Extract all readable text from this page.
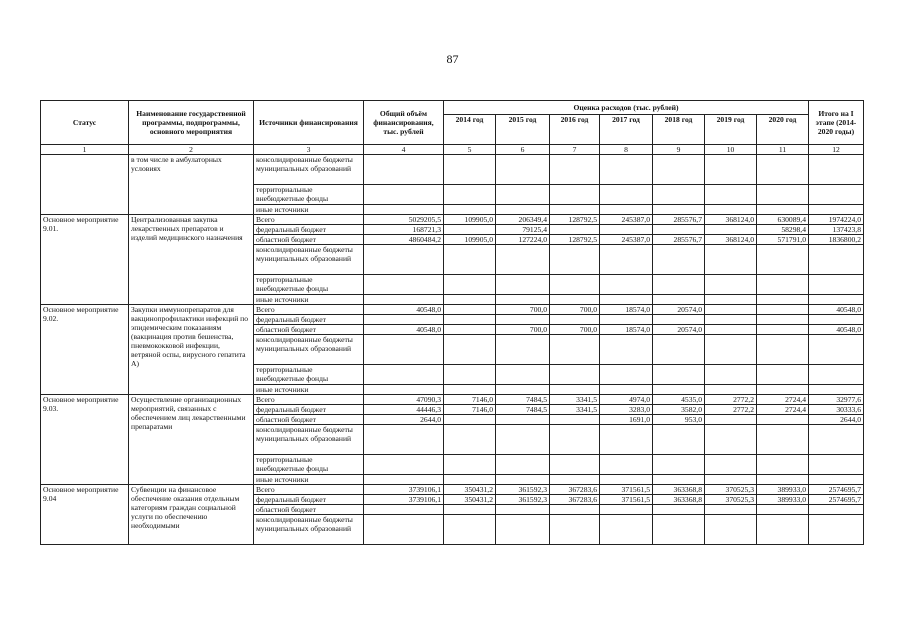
87
Статус	Наименование государственной программы, подпрограммы, основного мероприятия	Источники финансирования	Общий объём финансирования, тыс. рублей	Оценка расходов (тыс. рублей)							Итого на I этапе (2014-2020 годы)
				2014 год	2015 год	2016 год	2017 год	2018 год	2019 год	2020 год	
1	2	3	4	5	6	7	8	9	10	11	12
	в том числе в амбулаторных условиях	консолидированные бюджеты муниципальных образований									
		территориальные внебюджетные фонды									
		иные источники									
Основное мероприятие 9.01.	Централизованная закупка лекарственных препаратов и изделий медицинского назначения	Всего	5029205,5	109905,0	206349,4	128792,5	245387,0	285576,7	368124,0	630089,4	1974224,0
		федеральный бюджет	168721,3		79125,4					58298,4	137423,8
		областной бюджет	4860484,2	109905,0	127224,0	128792,5	245387,0	285576,7	368124,0	571791,0	1836800,2
		консолидированные бюджеты муниципальных образований									
		территориальные внебюджетные фонды									
		иные источники									
Основное мероприятие 9.02.	Закупки иммунопрепаратов для вакцинопрофилактики инфекций по эпидемическим показаниям (вакцинация против бешенства, пневмококковой инфекции, ветряной оспы, вирусного гепатита А)	Всего	40548,0		700,0	700,0	18574,0	20574,0			40548,0
		федеральный бюджет									
		областной бюджет	40548,0		700,0	700,0	18574,0	20574,0			40548,0
		консолидированные бюджеты муниципальных образований									
		территориальные внебюджетные фонды									
		иные источники									
Основное мероприятие 9.03.	Осуществление организационных мероприятий, связанных с обеспечением лиц лекарственными препаратами	Всего	47090,3	7146,0	7484,5	3341,5	4974,0	4535,0	2772,2	2724,4	32977,6
		федеральный бюджет	44446,3	7146,0	7484,5	3341,5	3283,0	3582,0	2772,2	2724,4	30333,6
		областной бюджет	2644,0				1691,0	953,0			2644,0
		консолидированные бюджеты муниципальных образований									
		территориальные внебюджетные фонды									
		иные источники									
Основное мероприятие 9.04	Субвенции на финансовое обеспечение оказания отдельным категориям граждан социальной услуги по обеспечению необходимыми	Всего	3739106,1	350431,2	361592,3	367283,6	371561,5	363368,8	370525,3	389933,0	2574695,7
		федеральный бюджет	3739106,1	350431,2	361592,3	367283,6	371561,5	363368,8	370525,3	389933,0	2574695,7
		областной бюджет									
		консолидированные бюджеты муниципальных образований									
